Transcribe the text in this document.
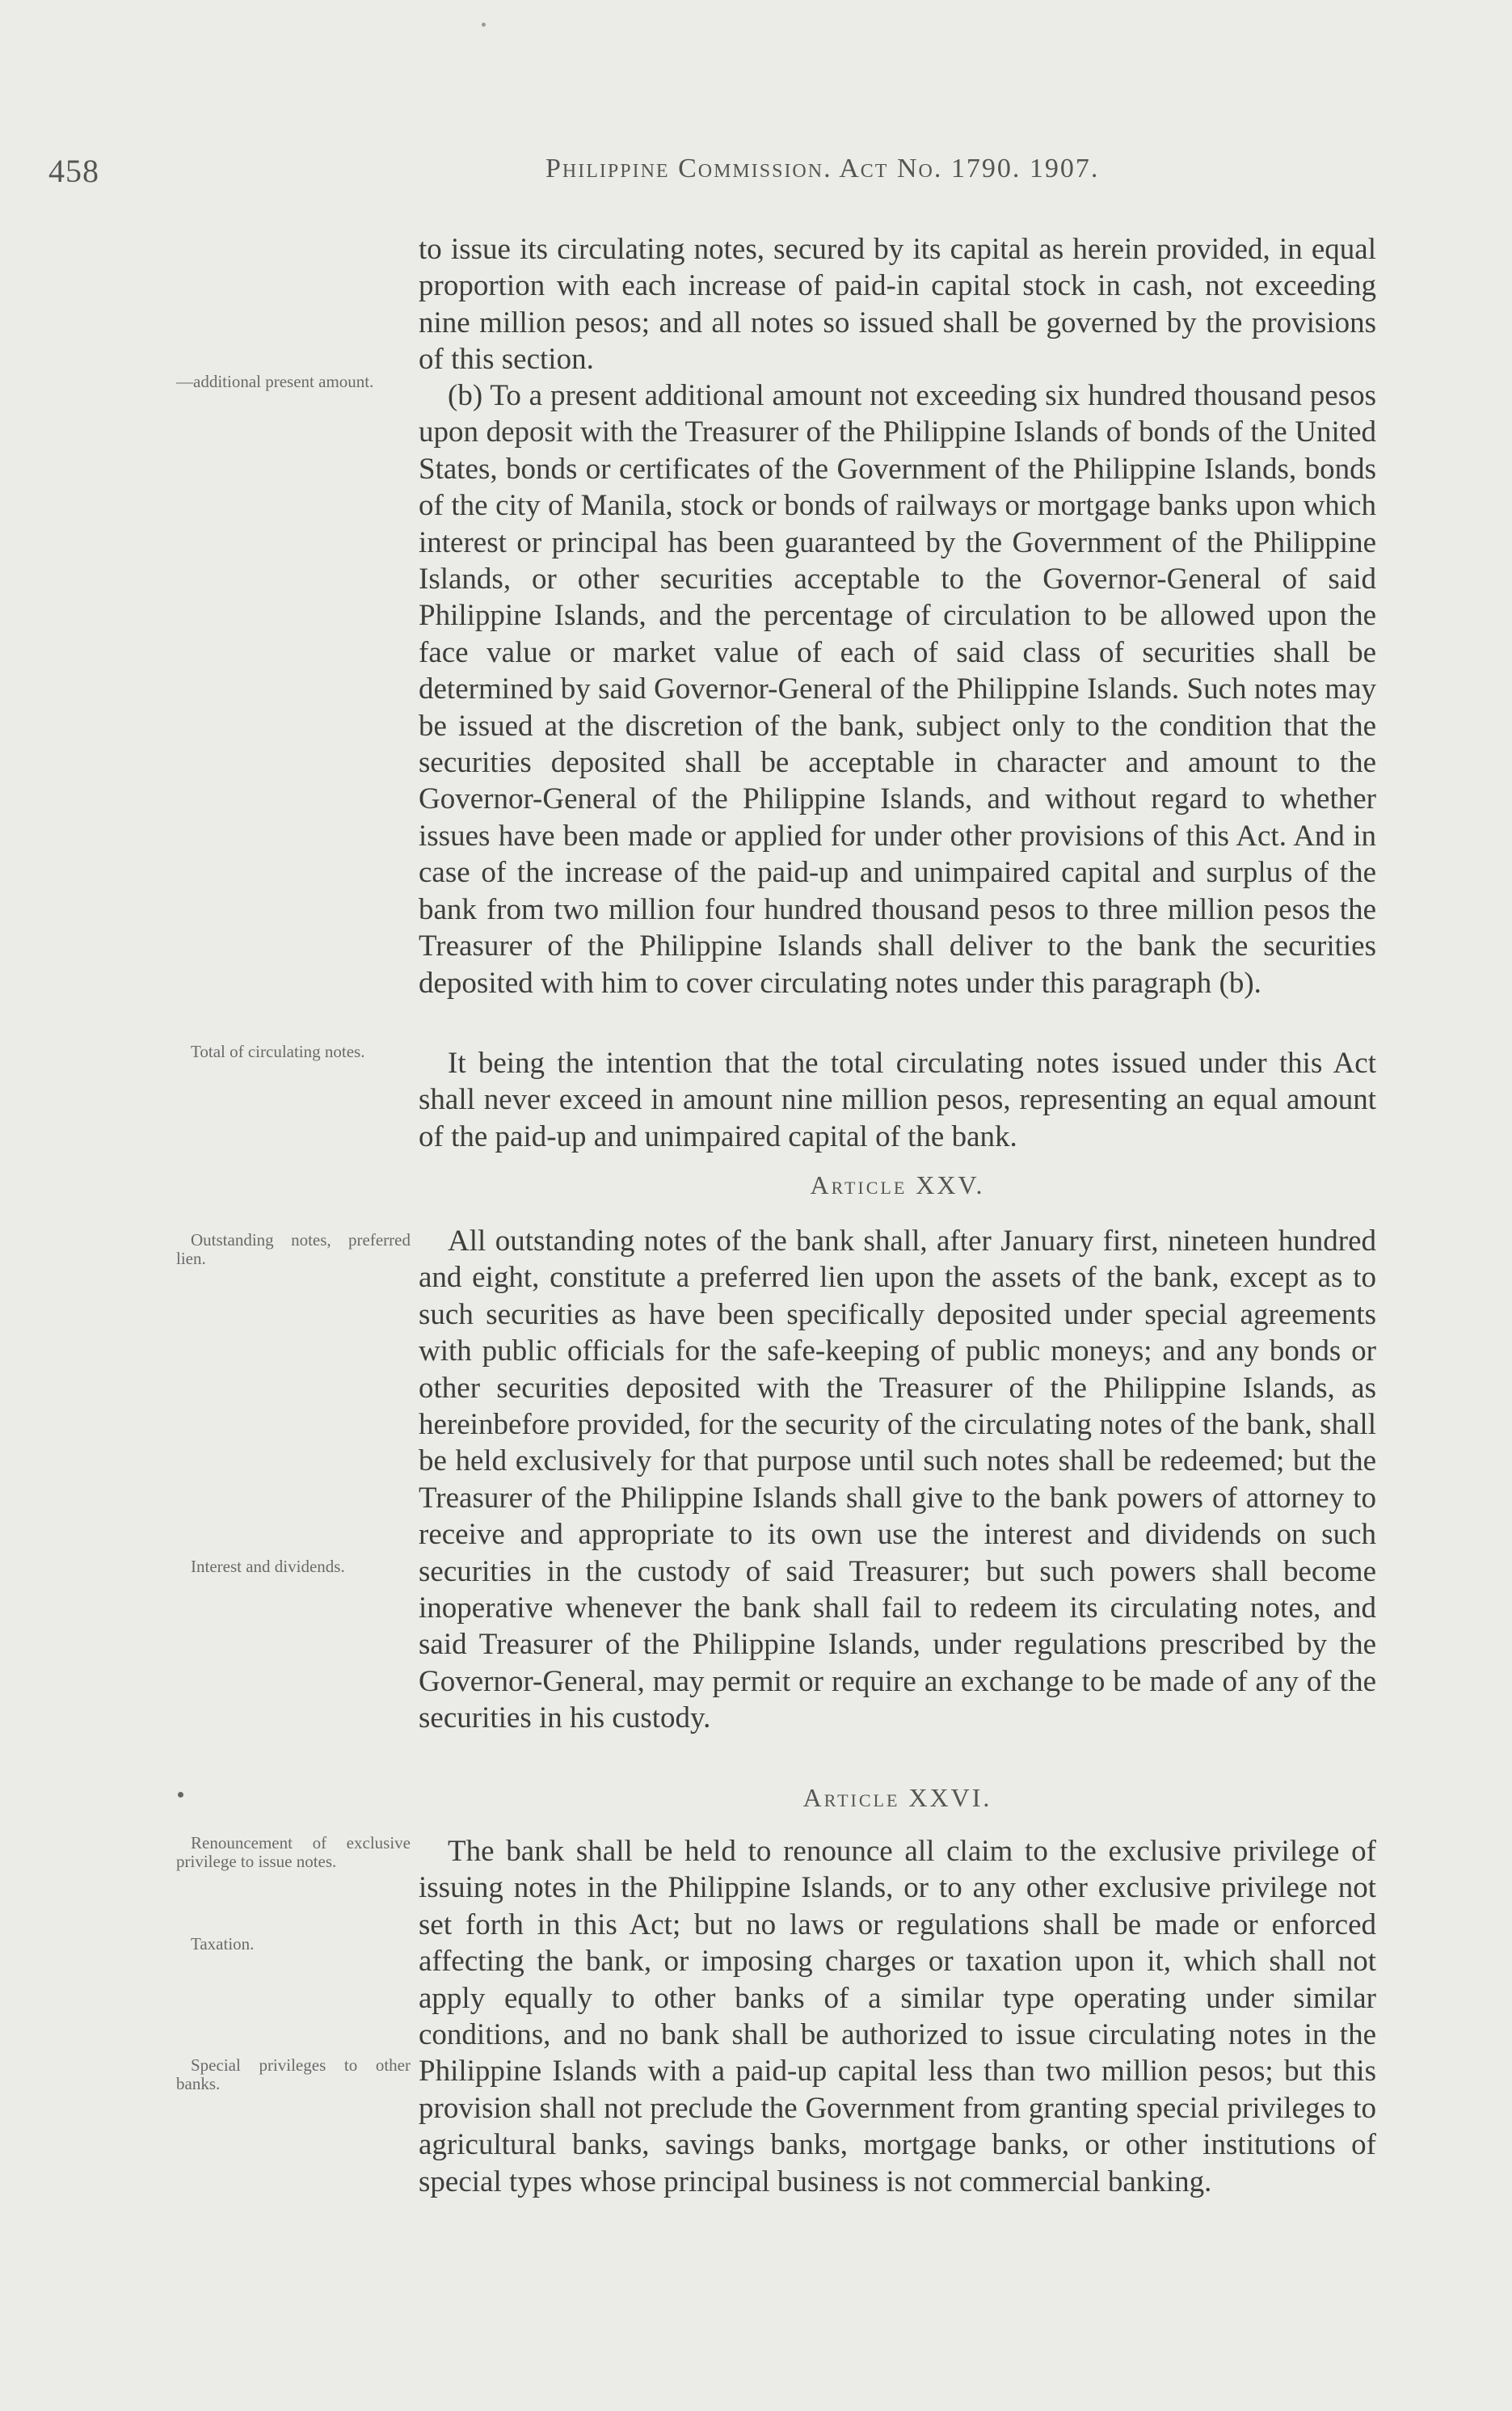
458	Philippine Commission. Act No. 1790. 1907.

to issue its circulating notes, secured by its capital as herein provided, in equal proportion with each increase of paid-in capital stock in cash, not exceeding nine million pesos; and all notes so issued shall be governed by the provisions of this section.

(b) To a present additional amount not exceeding six hundred thousand pesos upon deposit with the Treasurer of the Philippine Islands of bonds of the United States, bonds or certificates of the Government of the Philippine Islands, bonds of the city of Manila, stock or bonds of railways or mortgage banks upon which interest or principal has been guaranteed by the Government of the Philippine Islands, or other securities acceptable to the Governor-General of said Philippine Islands, and the percentage of circulation to be allowed upon the face value or market value of each of said class of securities shall be determined by said Governor-General of the Philippine Islands. Such notes may be issued at the discretion of the bank, subject only to the condition that the securities deposited shall be acceptable in character and amount to the Governor-General of the Philippine Islands, and without regard to whether issues have been made or applied for under other provisions of this Act. And in case of the increase of the paid-up and unimpaired capital and surplus of the bank from two million four hundred thousand pesos to three million pesos the Treasurer of the Philippine Islands shall deliver to the bank the securities deposited with him to cover circulating notes under this paragraph (b).

It being the intention that the total circulating notes issued under this Act shall never exceed in amount nine million pesos, representing an equal amount of the paid-up and unimpaired capital of the bank.

Article XXV.

All outstanding notes of the bank shall, after January first, nineteen hundred and eight, constitute a preferred lien upon the assets of the bank, except as to such securities as have been specifically deposited under special agreements with public officials for the safe-keeping of public moneys; and any bonds or other securities deposited with the Treasurer of the Philippine Islands, as hereinbefore provided, for the security of the circulating notes of the bank, shall be held exclusively for that purpose until such notes shall be redeemed; but the Treasurer of the Philippine Islands shall give to the bank powers of attorney to receive and appropriate to its own use the interest and dividends on such securities in the custody of said Treasurer; but such powers shall become inoperative whenever the bank shall fail to redeem its circulating notes, and said Treasurer of the Philippine Islands, under regulations prescribed by the Governor-General, may permit or require an exchange to be made of any of the securities in his custody.

Article XXVI.

The bank shall be held to renounce all claim to the exclusive privilege of issuing notes in the Philippine Islands, or to any other exclusive privilege not set forth in this Act; but no laws or regulations shall be made or enforced affecting the bank, or imposing charges or taxation upon it, which shall not apply equally to other banks of a similar type operating under similar conditions, and no bank shall be authorized to issue circulating notes in the Philippine Islands with a paid-up capital less than two million pesos; but this provision shall not preclude the Government from granting special privileges to agricultural banks, savings banks, mortgage banks, or other institutions of special types whose principal business is not commercial banking.

—additional present amount.
Total of circulating notes.
Outstanding notes, preferred lien.
Interest and dividends.
Renouncement of exclusive privilege to issue notes.
Taxation.
Special privileges to other banks.
